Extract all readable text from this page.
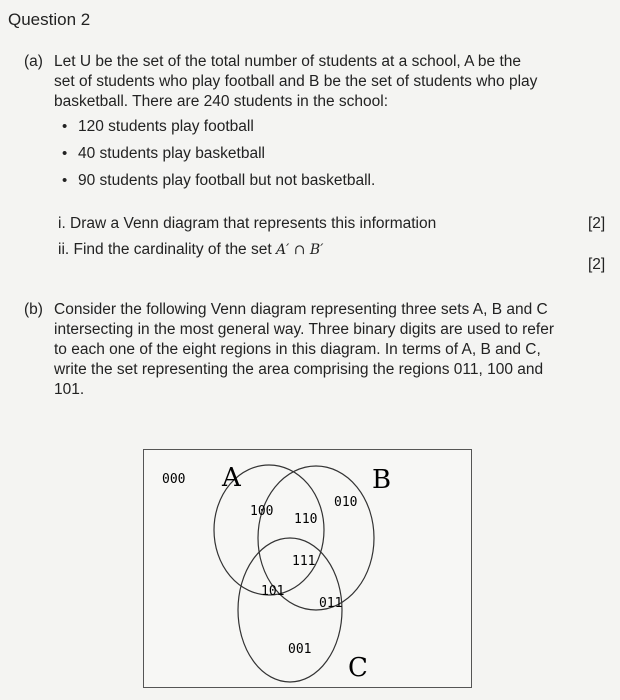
Question 2
(a) Let U be the set of the total number of students at a school, A be the
set of students who play football and B be the set of students who play
basketball. There are 240 students in the school:
• 120 students play football
• 40 students play basketball
• 90 students play football but not basketball.
i. Draw a Venn diagram that represents this information	[2]
ii. Find the cardinality of the set A′ ∩ B′
[2]
(b) Consider the following Venn diagram representing three sets A, B and C
intersecting in the most general way. Three binary digits are used to refer
to each one of the eight regions in this diagram. In terms of A, B and C,
write the set representing the area comprising the regions 011, 100 and
101.
000 A	B
C
100
010
110
111
101
011
001
